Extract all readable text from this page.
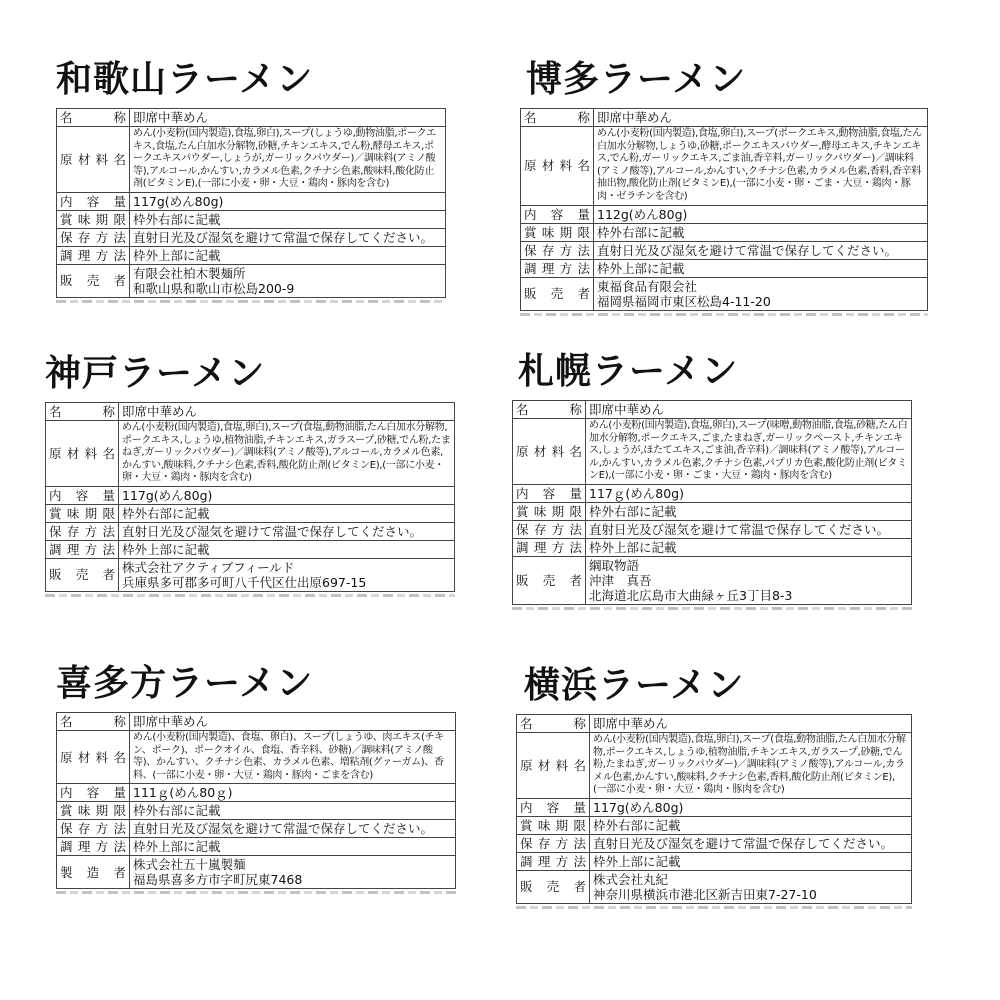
和歌山ラーメン
名　称	即席中華めん
原材料名	めん(小麦粉(国内製造),食塩,卵白),スープ(しょうゆ,動物油脂,ポークエキス,食塩,たん白加水分解物,砂糖,チキンエキス,でん粉,酵母エキス,ポークエキスパウダー,しょうが,ガーリックパウダー)／調味料(アミノ酸等),アルコール,かんすい,カラメル色素,クチナシ色素,酸味料,酸化防止剤(ビタミンE),(一部に小麦・卵・大豆・鶏肉・豚肉を含む)
内 容 量	117g(めん80g)
賞味期限	枠外右部に記載
保存方法	直射日光及び湿気を避けて常温で保存してください。
調理方法	枠外上部に記載
販 売 者	有限会社柏木製麺所
和歌山県和歌山市松島200-9
博多ラーメン
名　称	即席中華めん
原材料名	めん(小麦粉(国内製造),食塩,卵白),スープ(ポークエキス,動物油脂,食塩,たん白加水分解物,しょうゆ,砂糖,ポークエキスパウダー,酵母エキス,チキンエキス,でん粉,ガーリックエキス,ごま油,香辛料,ガーリックパウダー)／調味料(アミノ酸等),アルコール,かんすい,クチナシ色素,カラメル色素,香料,香辛料抽出物,酸化防止剤(ビタミンE),(一部に小麦・卵・ごま・大豆・鶏肉・豚肉・ゼラチンを含む)
内 容 量	112g(めん80g)
賞味期限	枠外右部に記載
保存方法	直射日光及び湿気を避けて常温で保存してください。
調理方法	枠外上部に記載
販 売 者	東福食品有限会社
福岡県福岡市東区松島4-11-20
神戸ラーメン
名　称	即席中華めん
原材料名	めん(小麦粉(国内製造),食塩,卵白),スープ(食塩,動物油脂,たん白加水分解物,ポークエキス,しょうゆ,植物油脂,チキンエキス,ガラスープ,砂糖,でん粉,たまねぎ,ガーリックパウダー)／調味料(アミノ酸等),アルコール,カラメル色素,かんすい,酸味料,クチナシ色素,香料,酸化防止剤(ビタミンE),(一部に小麦・卵・大豆・鶏肉・豚肉を含む)
内 容 量	117g(めん80g)
賞味期限	枠外右部に記載
保存方法	直射日光及び湿気を避けて常温で保存してください。
調理方法	枠外上部に記載
販 売 者	株式会社アクティブフィールド
兵庫県多可郡多可町八千代区仕出原697-15
札幌ラーメン
名　称	即席中華めん
原材料名	めん(小麦粉(国内製造),食塩,卵白),スープ(味噌,動物油脂,食塩,砂糖,たん白加水分解物,ポークエキス,ごま,たまねぎ,ガーリックペースト,チキンエキス,しょうが,ほたてエキス,ごま油,香辛料)／調味料(アミノ酸等),アルコール,かんすい,カラメル色素,クチナシ色素,パプリカ色素,酸化防止剤(ビタミンE),(一部に小麦・卵・ごま・大豆・鶏肉・豚肉を含む)
内 容 量	117ｇ(めん80g)
賞味期限	枠外右部に記載
保存方法	直射日光及び湿気を避けて常温で保存してください。
調理方法	枠外上部に記載
販 売 者	綱取物語
沖津　真吾
北海道北広島市大曲緑ヶ丘3丁目8-3
喜多方ラーメン
名　称	即席中華めん
原材料名	めん(小麦粉(国内製造)、食塩、卵白)、スープ(しょうゆ、肉エキス(チキン、ポーク)、ポークオイル、食塩、香辛料、砂糖)／調味料(アミノ酸等)、かんすい、クチナシ色素、カラメル色素、増粘剤(グァーガム)、香料、(一部に小麦・卵・大豆・鶏肉・豚肉・ごまを含む)
内 容 量	111ｇ(めん80ｇ)
賞味期限	枠外右部に記載
保存方法	直射日光及び湿気を避けて常温で保存してください。
調理方法	枠外上部に記載
製 造 者	株式会社五十嵐製麺
福島県喜多方市字町尻東7468
横浜ラーメン
名　称	即席中華めん
原材料名	めん(小麦粉(国内製造),食塩,卵白),スープ(食塩,動物油脂,たん白加水分解物,ポークエキス,しょうゆ,植物油脂,チキンエキス,ガラスープ,砂糖,でん粉,たまねぎ,ガーリックパウダー)／調味料(アミノ酸等),アルコール,カラメル色素,かんすい,酸味料,クチナシ色素,香料,酸化防止剤(ビタミンE),(一部に小麦・卵・大豆・鶏肉・豚肉を含む)
内 容 量	117g(めん80g)
賞味期限	枠外右部に記載
保存方法	直射日光及び湿気を避けて常温で保存してください。
調理方法	枠外上部に記載
販 売 者	株式会社丸紀
神奈川県横浜市港北区新吉田東7-27-10
